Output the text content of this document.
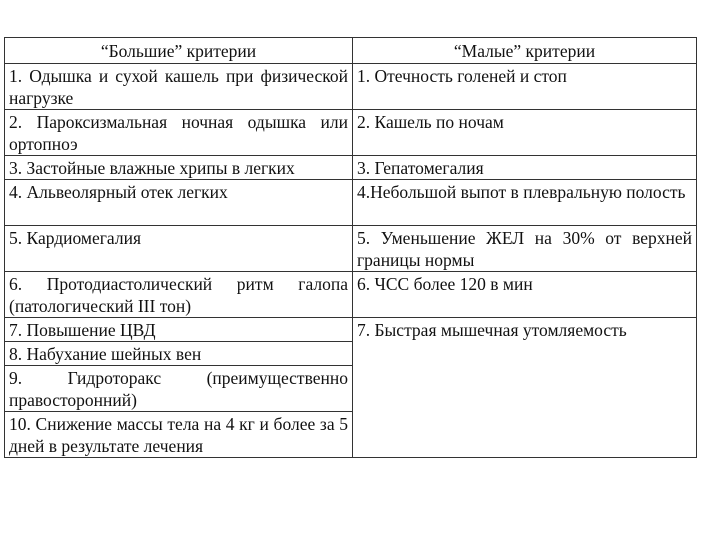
“Большие” критерии	“Малые” критерии
1. Одышка и сухой кашель при физической нагрузке	1. Отечность голеней и стоп
2. Пароксизмальная ночная одышка или ортопноэ	2. Кашель по ночам
3. Застойные влажные хрипы в легких	3. Гепатомегалия
4. Альвеолярный отек легких	4.Небольшой выпот в плевральную полость
5. Кардиомегалия	5. Уменьшение ЖЕЛ на 30% от верхней границы нормы
6. Протодиастолический ритм галопа (патологический III тон)	6. ЧСС более 120 в мин
7. Повышение ЦВД	7. Быстрая мышечная утомляемость
8. Набухание шейных вен	
9. Гидроторакс (преимущественно правосторонний)	
10. Снижение массы тела на 4 кг и более за 5 дней в результате лечения	
